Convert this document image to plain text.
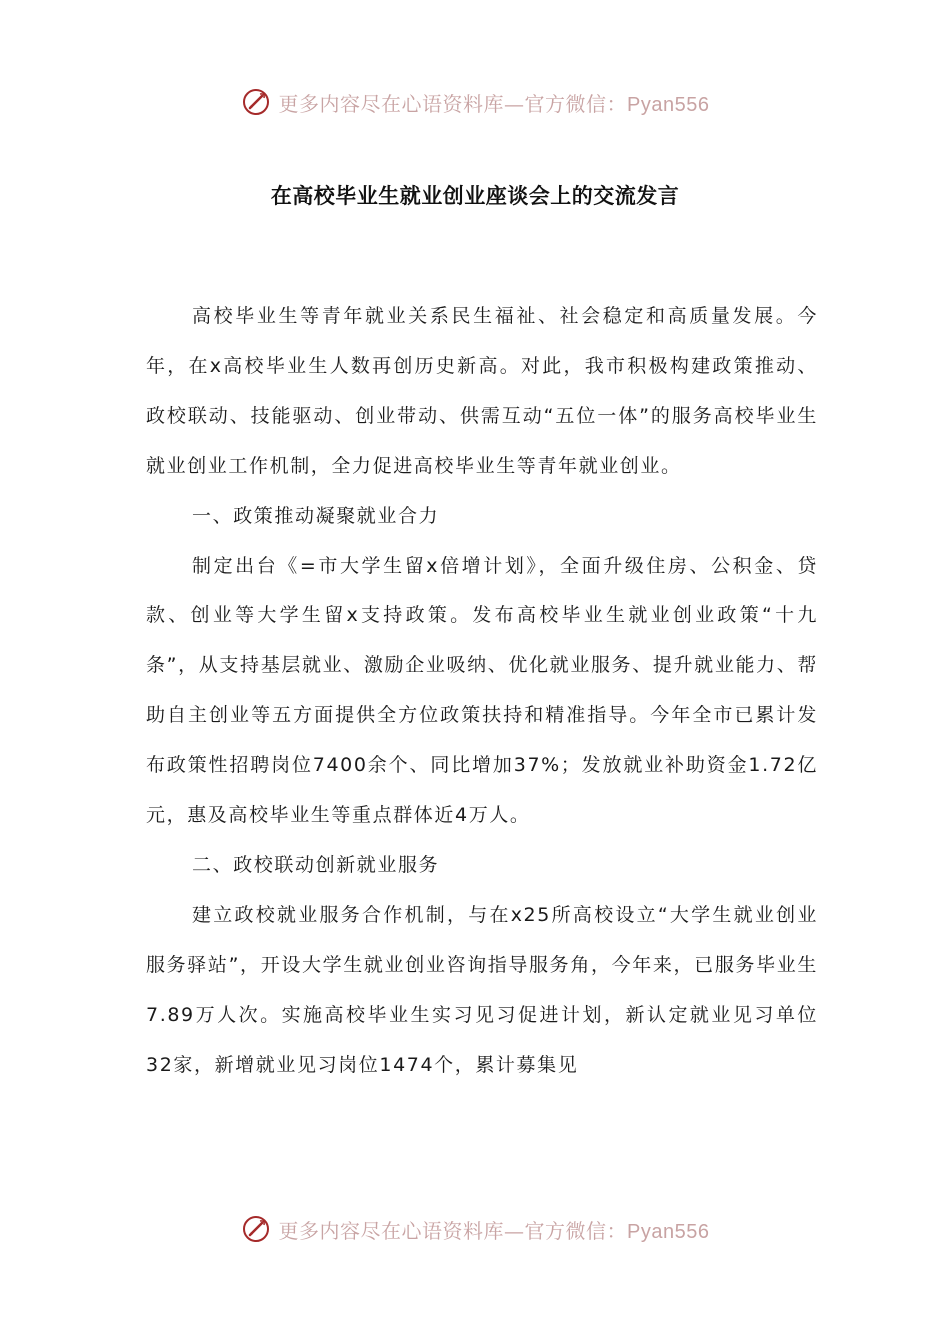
更多内容尽在心语资料库—官方微信：Pyan556
在高校毕业生就业创业座谈会上的交流发言

高校毕业生等青年就业关系民生福祉、社会稳定和高质量发展。今年，在x高校毕业生人数再创历史新高。对此，我市积极构建政策推动、政校联动、技能驱动、创业带动、供需互动“五位一体”的服务高校毕业生就业创业工作机制，全力促进高校毕业生等青年就业创业。

一、政策推动凝聚就业合力

制定出台《=市大学生留x倍增计划》，全面升级住房、公积金、贷款、创业等大学生留x支持政策。发布高校毕业生就业创业政策“十九条”，从支持基层就业、激励企业吸纳、优化就业服务、提升就业能力、帮助自主创业等五方面提供全方位政策扶持和精准指导。今年全市已累计发布政策性招聘岗位7400余个、同比增加37%；发放就业补助资金1.72亿元，惠及高校毕业生等重点群体近4万人。

二、政校联动创新就业服务

建立政校就业服务合作机制，与在x25所高校设立“大学生就业创业服务驿站”，开设大学生就业创业咨询指导服务角，今年来，已服务毕业生7.89万人次。实施高校毕业生实习见习促进计划，新认定就业见习单位32家，新增就业见习岗位1474个，累计募集见

更多内容尽在心语资料库—官方微信：Pyan556
